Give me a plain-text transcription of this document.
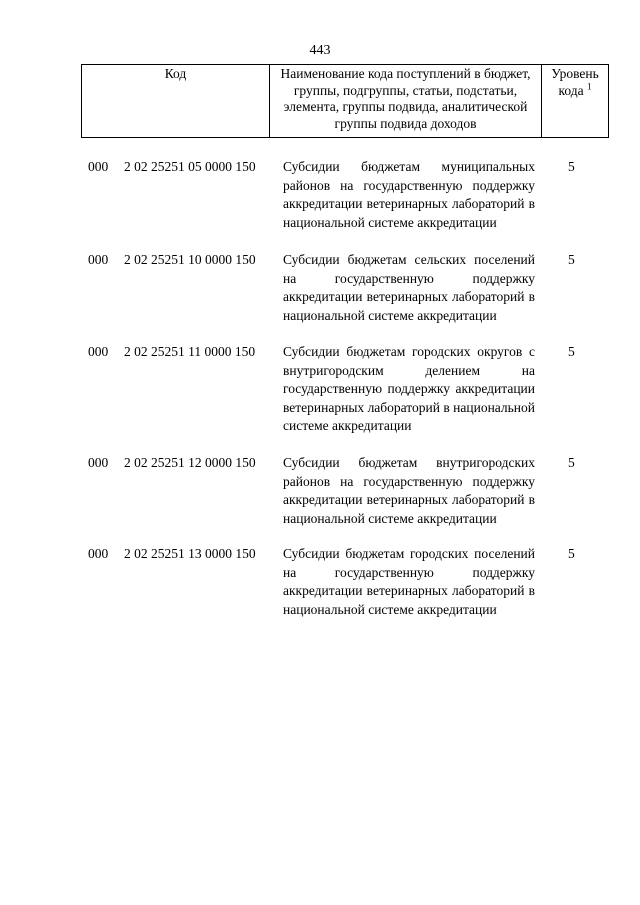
443
Код	Наименование кода поступлений в бюджет, группы, подгруппы, статьи, подстатьи, элемента, группы подвида, аналитической группы подвида доходов
Уровень кода $^1$
000 2 02 25251 05 0000 150 Субсидии бюджетам муниципальных районов на государственную поддержку аккредитации ветеринарных лабораторий в национальной системе аккредитации
5
000 2 02 25251 10 0000 150 Субсидии бюджетам сельских поселений на государственную поддержку аккредитации ветеринарных лабораторий в национальной системе аккредитации
5
000 2 02 25251 11 0000 150 Субсидии бюджетам городских округов с внутригородским делением на государственную поддержку аккредитации ветеринарных лабораторий в национальной системе аккредитации
5
000 2 02 25251 12 0000 150 Субсидии бюджетам внутригородских районов на государственную поддержку аккредитации ветеринарных лабораторий в национальной системе аккредитации
5
000 2 02 25251 13 0000 150 Субсидии бюджетам городских поселений на государственную поддержку аккредитации ветеринарных лабораторий в национальной системе аккредитации
5
